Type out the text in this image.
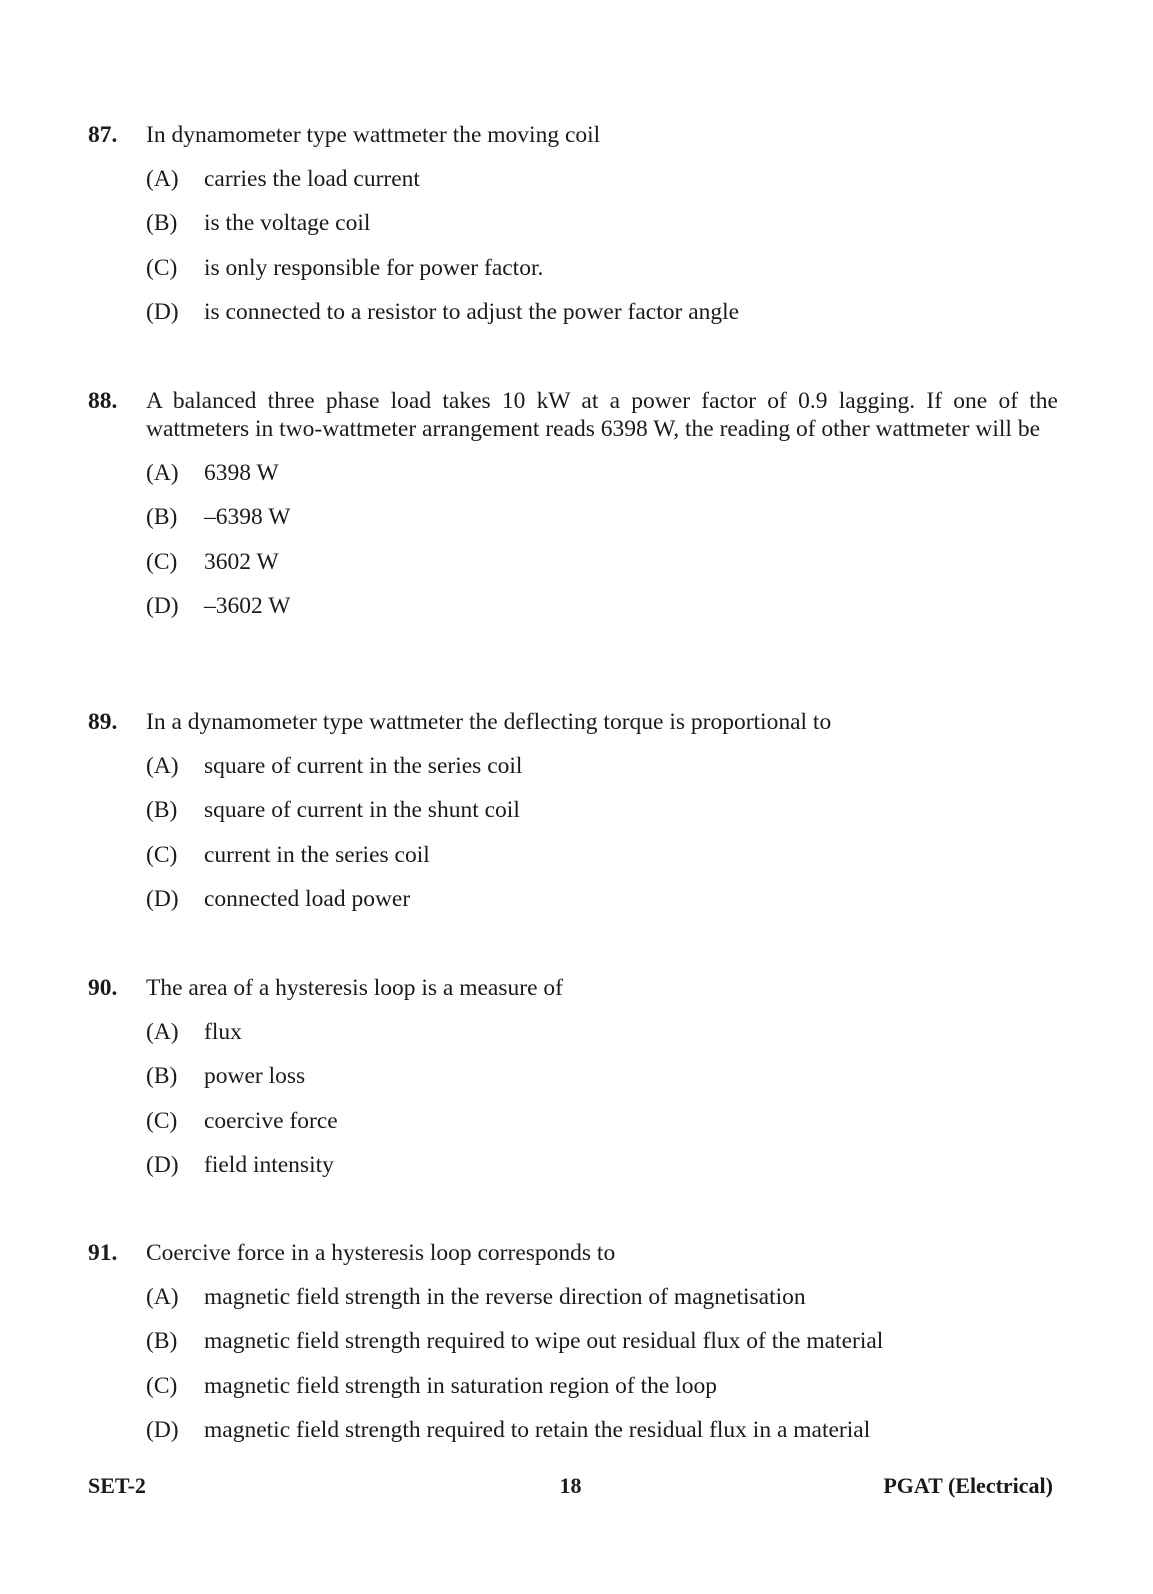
87. In dynamometer type wattmeter the moving coil
(A) carries the load current
(B) is the voltage coil
(C) is only responsible for power factor.
(D) is connected to a resistor to adjust the power factor angle
88. A balanced three phase load takes 10 kW at a power factor of 0.9 lagging. If one of the wattmeters in two-wattmeter arrangement reads 6398 W, the reading of other wattmeter will be
(A) 6398 W
(B) –6398 W
(C) 3602 W
(D) –3602 W
89. In a dynamometer type wattmeter the deflecting torque is proportional to
(A) square of current in the series coil
(B) square of current in the shunt coil
(C) current in the series coil
(D) connected load power
90. The area of a hysteresis loop is a measure of
(A) flux
(B) power loss
(C) coercive force
(D) field intensity
91. Coercive force in a hysteresis loop corresponds to
(A) magnetic field strength in the reverse direction of magnetisation
(B) magnetic field strength required to wipe out residual flux of the material
(C) magnetic field strength in saturation region of the loop
(D) magnetic field strength required to retain the residual flux in a material
SET-2	18	PGAT (Electrical)
